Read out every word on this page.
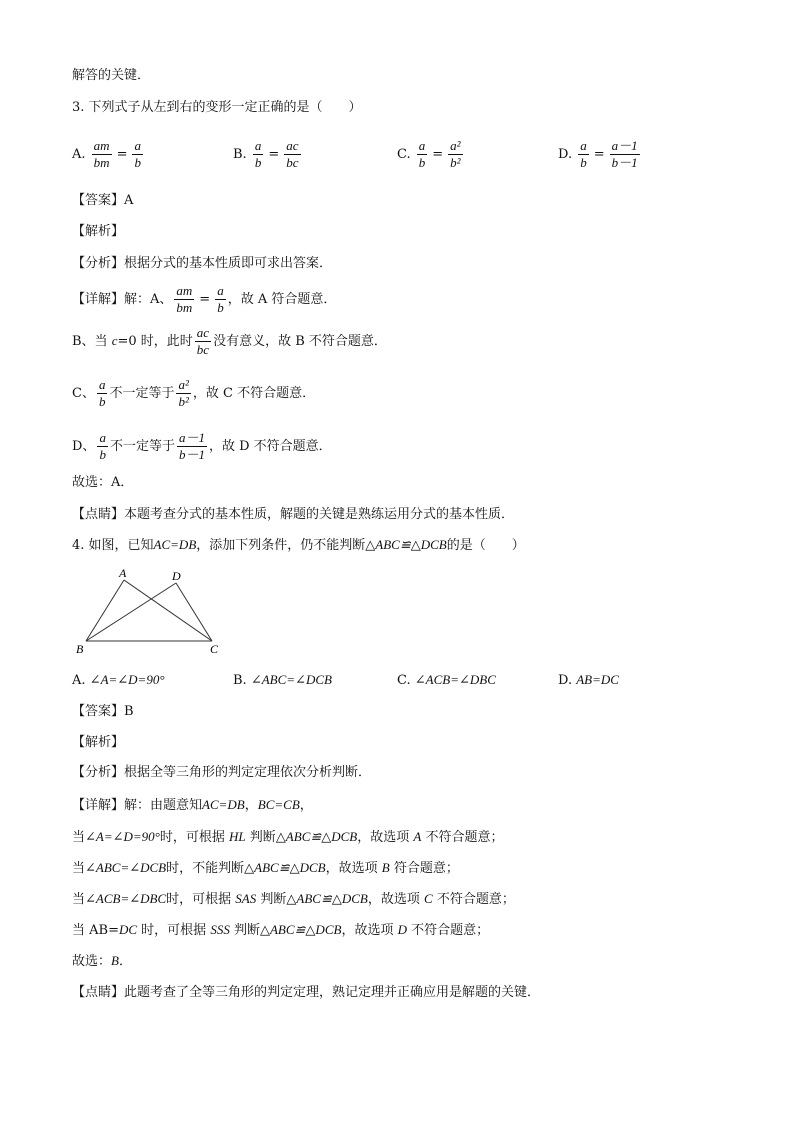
解答的关键．
3. 下列式子从左到右的变形一定正确的是（　　）
A. $\frac{am}{bm} = \frac{a}{b}$	B. $\frac{a}{b} = \frac{ac}{bc}$	C. $\frac{a}{b} = \frac{\text{a²}}{\text{b²}}$	D. $\frac{a}{b} = \frac{a-1}{b-1}$
【答案】A
【解析】
【分析】根据分式的基本性质即可求出答案．
【详解】解：A、 $\frac{am}{bm} = \frac{a}{b}$ ，故 A 符合题意．
B、当 c=0 时，此时 $\frac{ac}{bc}$ 没有意义，故 B 不符合题意．
C、 $\frac{a}{b}$ 不一定等于 $\frac{\text{a²}}{\text{b²}}$ ，故 C 不符合题意．
D、 $\frac{a}{b}$ 不一定等于 $\frac{a-1}{b-1}$ ，故 D 不符合题意．
故选：A．
【点睛】本题考查分式的基本性质，解题的关键是熟练运用分式的基本性质．
4. 如图，已知AC=DB，添加下列条件，仍不能判断△ABC≌△DCB的是（　　）
A	D
B	C
A. ∠A=∠D=90°	B. ∠ABC=∠DCB	C. ∠ACB=∠DBC	D. AB=DC
【答案】B
【解析】
【分析】根据全等三角形的判定定理依次分析判断．
【详解】解：由题意知AC=DB，BC=CB，
当∠A=∠D=90°时，可根据 HL 判断△ABC≌△DCB，故选项 A 不符合题意；
当∠ABC=∠DCB时，不能判断△ABC≌△DCB，故选项 B 符合题意；
当∠ACB=∠DBC时，可根据 SAS 判断△ABC≌△DCB，故选项 C 不符合题意；
当 AB=DC 时，可根据 SSS 判断△ABC≌△DCB，故选项 D 不符合题意；
故选：B．
【点睛】此题考查了全等三角形的判定定理，熟记定理并正确应用是解题的关键．
